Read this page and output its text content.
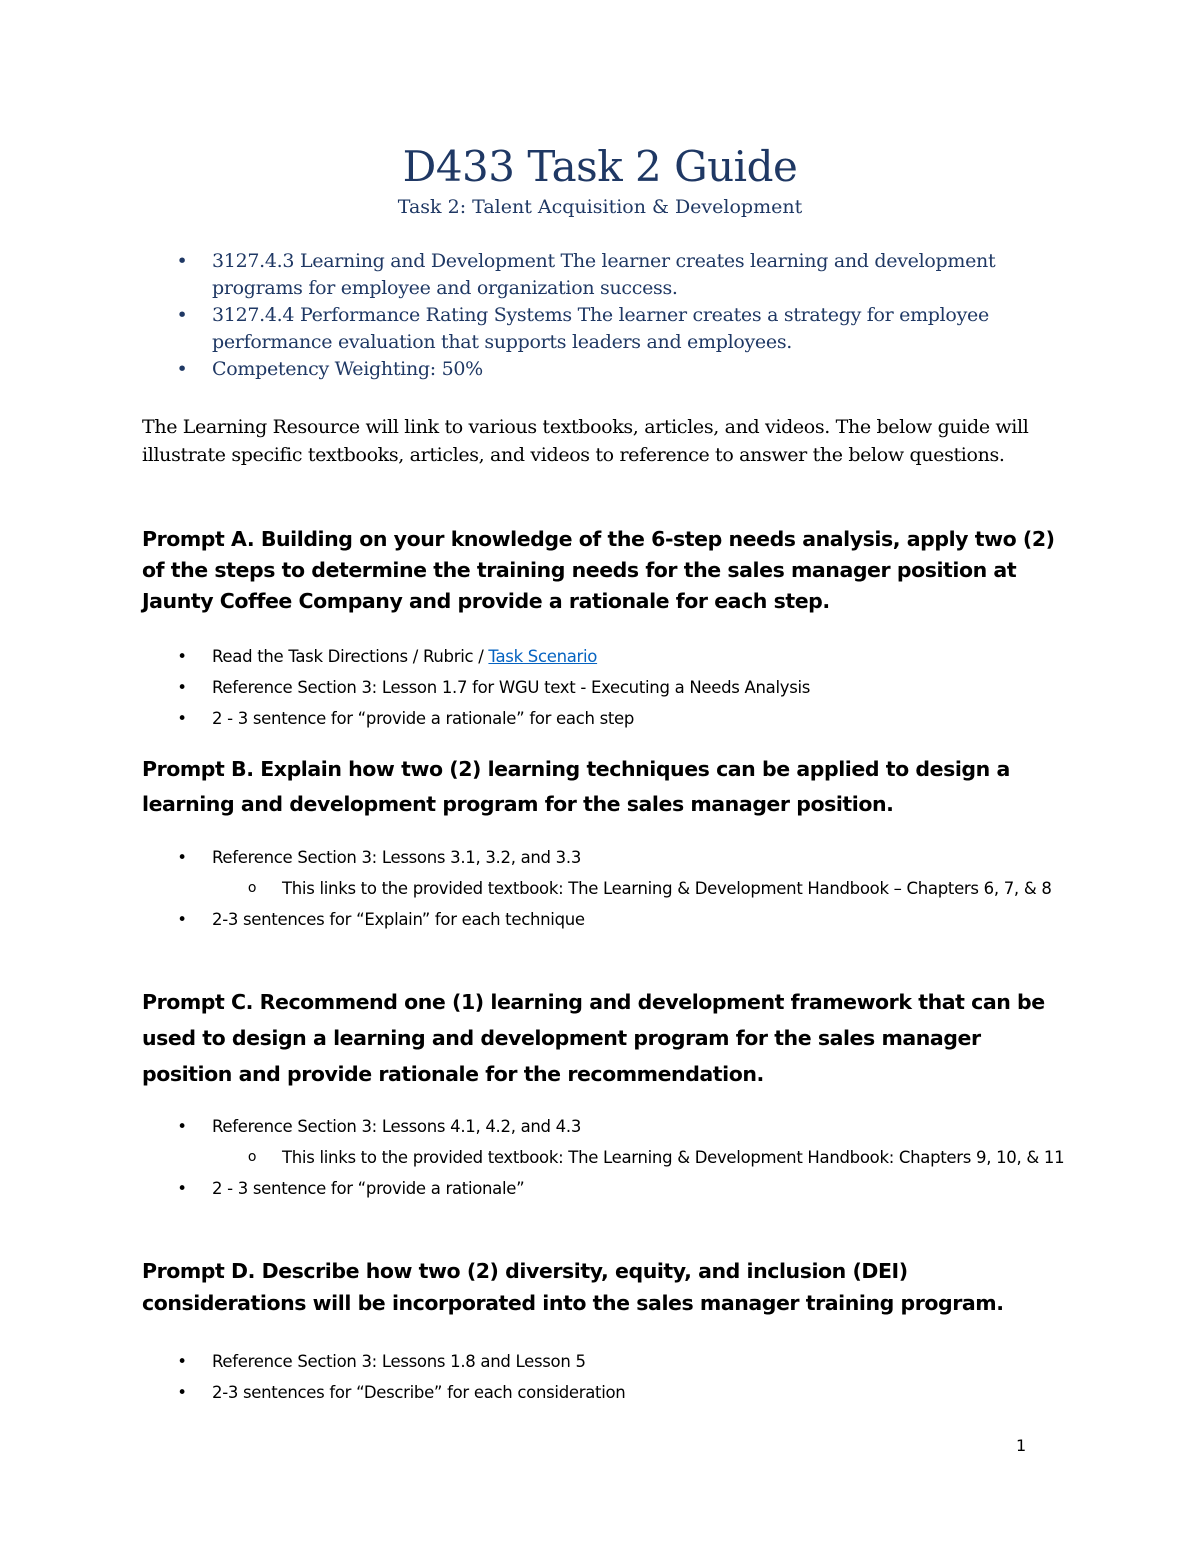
D433 Task 2 Guide
Task 2: Talent Acquisition & Development
• 3127.4.3 Learning and Development The learner creates learning and development programs for employee and organization success.
• 3127.4.4 Performance Rating Systems The learner creates a strategy for employee performance evaluation that supports leaders and employees.
• Competency Weighting: 50%
The Learning Resource will link to various textbooks, articles, and videos. The below guide will illustrate specific textbooks, articles, and videos to reference to answer the below questions.
Prompt A. Building on your knowledge of the 6-step needs analysis, apply two (2) of the steps to determine the training needs for the sales manager position at Jaunty Coffee Company and provide a rationale for each step.
•	Read the Task Directions / Rubric / Task Scenario
•	Reference Section 3: Lesson 1.7 for WGU text - Executing a Needs Analysis
•	2 - 3 sentence for “provide a rationale” for each step
Prompt B. Explain how two (2) learning techniques can be applied to design a learning and development program for the sales manager position.
•	Reference Section 3: Lessons 3.1, 3.2, and 3.3
o	This links to the provided textbook: The Learning & Development Handbook – Chapters 6, 7, & 8
•	2-3 sentences for “Explain” for each technique
Prompt C. Recommend one (1) learning and development framework that can be used to design a learning and development program for the sales manager position and provide rationale for the recommendation.
•	Reference Section 3: Lessons 4.1, 4.2, and 4.3
o	This links to the provided textbook: The Learning & Development Handbook: Chapters 9, 10, & 11
•	2 - 3 sentence for “provide a rationale”
Prompt D. Describe how two (2) diversity, equity, and inclusion (DEI) considerations will be incorporated into the sales manager training program.
•	Reference Section 3: Lessons 1.8 and Lesson 5
•	2-3 sentences for “Describe” for each consideration
1
